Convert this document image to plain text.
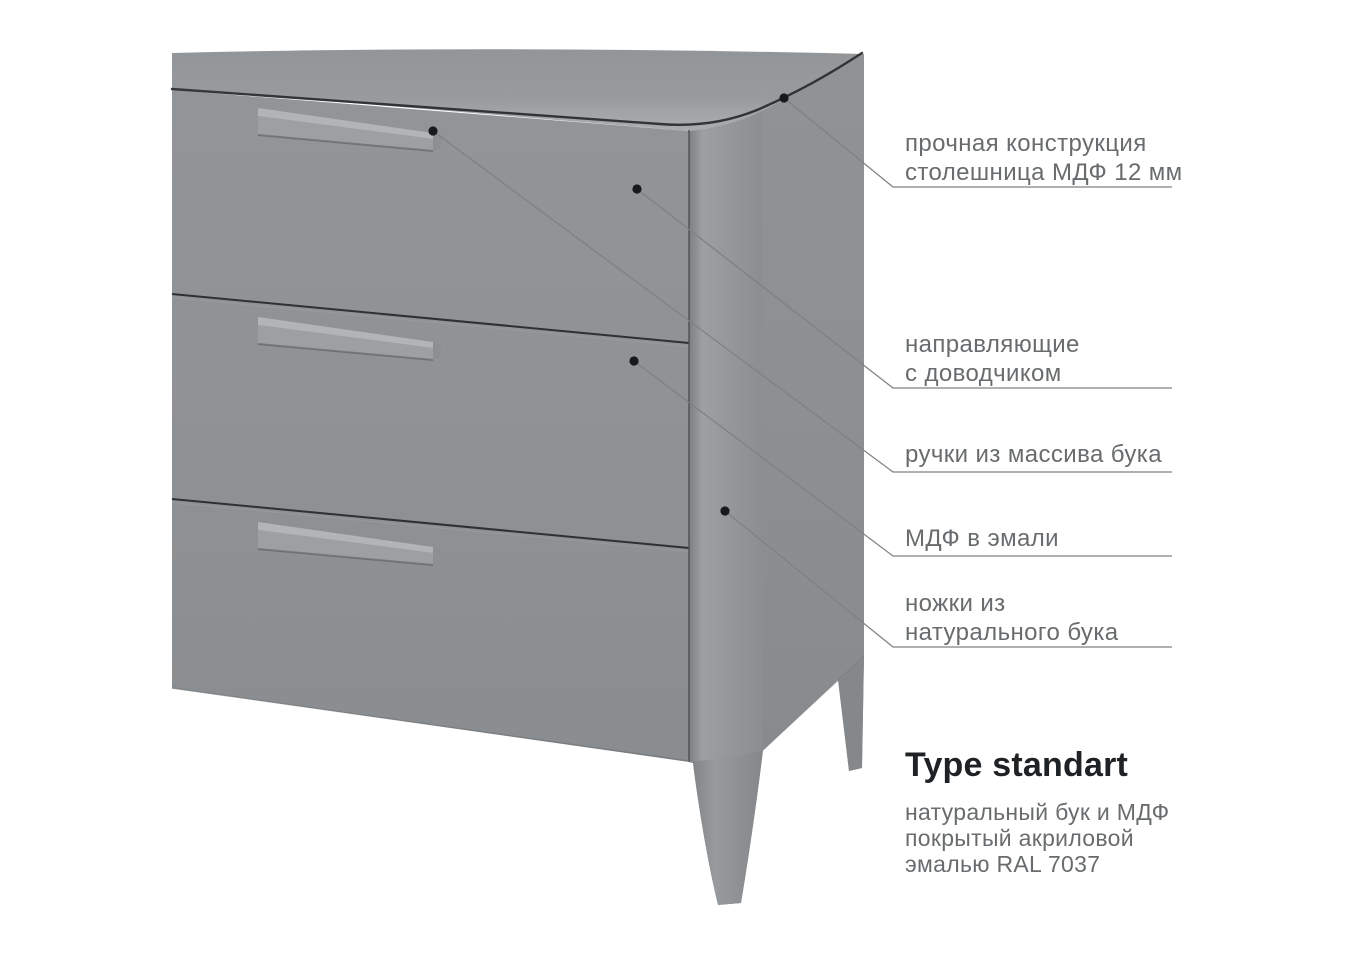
прочная конструкция
столешница МДФ 12 мм
направляющие
с доводчиком
ручки из массива бука
МДФ в эмали
ножки из
натурального бука
Type standart
натуральный бук и МДФ
покрытый акриловой
эмалью RAL 7037
